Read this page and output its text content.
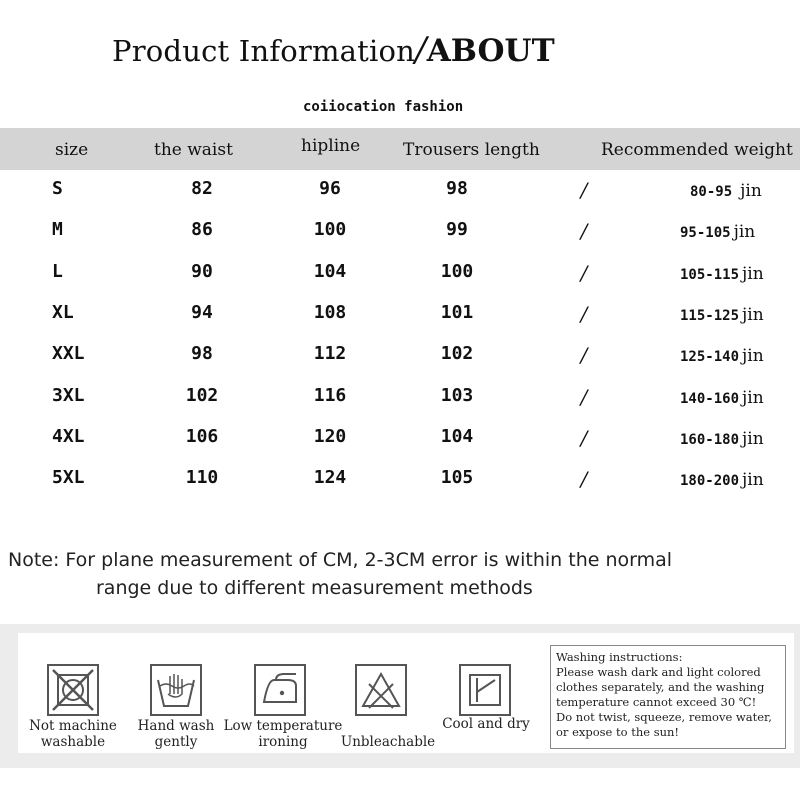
Product Information/ABOUT
coiiocation fashion
size	the waist	hipline	Trousers length	Recommended weight
S	82	96	98	/	80-95 jin
M	86	100	99	/	95-105 jin
L	90	104	100	/	105-115 jin
XL	94	108	101	/	115-125 jin
XXL	98	112	102	/	125-140 jin
3XL	102	116	103	/	140-160 jin
4XL	106	120	104	/	160-180 jin
5XL	110	124	105	/	180-200 jin
Note: For plane measurement of CM, 2-3CM error is within the normal
range due to different measurement methods
Not machine
washable
Hand wash
gently
Low temperature
ironing	Unbleachable
Cool and dry

Washing instructions:
Please wash dark and light colored
clothes separately, and the washing
temperature cannot exceed 30 ℃!
Do not twist, squeeze, remove water,
or expose to the sun!
